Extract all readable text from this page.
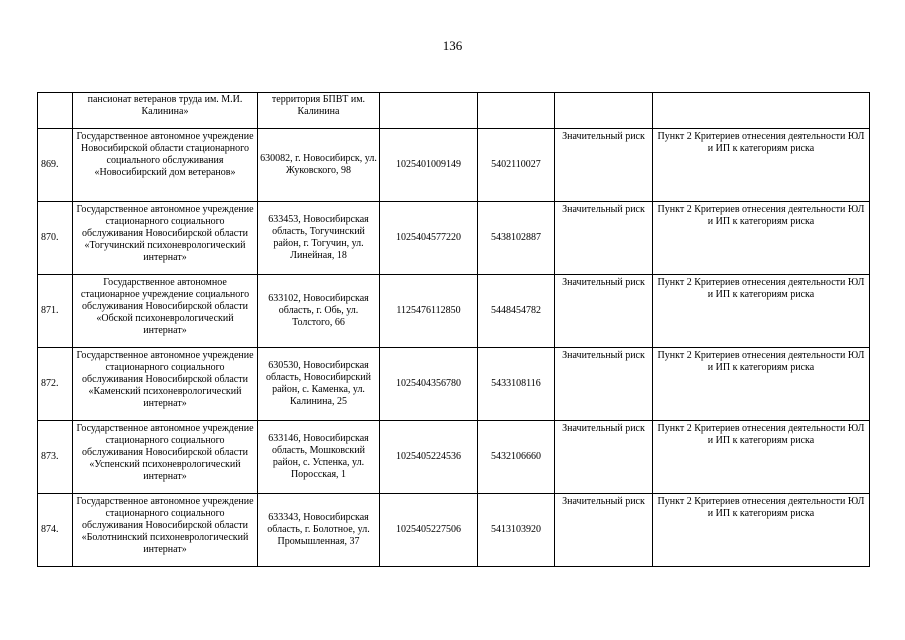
136
	пансионат ветеранов труда им. М.И. Калинина»	территория БПВТ им. Калинина				
869.	Государственное автономное учреждение Новосибирской области стационарного социального обслуживания «Новосибирский дом ветеранов»	630082, г. Новосибирск, ул. Жуковского, 98	1025401009149	5402110027	Значительный риск	Пункт 2 Критериев отнесения деятельности ЮЛ и ИП к категориям риска
870.	Государственное автономное учреждение стационарного социального обслуживания Новосибирской области «Тогучинский психоневрологический интернат»	633453, Новосибирская область, Тогучинский район, г. Тогучин, ул. Линейная, 18	1025404577220	5438102887	Значительный риск	Пункт 2 Критериев отнесения деятельности ЮЛ и ИП к категориям риска
871.	Государственное автономное стационарное учреждение социального обслуживания Новосибирской области «Обской психоневрологический интернат»	633102, Новосибирская область, г. Обь, ул. Толстого, 66	1125476112850	5448454782	Значительный риск	Пункт 2 Критериев отнесения деятельности ЮЛ и ИП к категориям риска
872.	Государственное автономное учреждение стационарного социального обслуживания Новосибирской области «Каменский психоневрологический интернат»	630530, Новосибирская область, Новосибирский район, с. Каменка, ул. Калинина, 25	1025404356780	5433108116	Значительный риск	Пункт 2 Критериев отнесения деятельности ЮЛ и ИП к категориям риска
873.	Государственное автономное учреждение стационарного социального обслуживания Новосибирской области «Успенский психоневрологический интернат»	633146, Новосибирская область, Мошковский район, с. Успенка, ул. Поросская, 1	1025405224536	5432106660	Значительный риск	Пункт 2 Критериев отнесения деятельности ЮЛ и ИП к категориям риска
874.	Государственное автономное учреждение стационарного социального обслуживания Новосибирской области «Болотнинский психоневрологический интернат»	633343, Новосибирская область, г. Болотное, ул. Промышленная, 37	1025405227506	5413103920	Значительный риск	Пункт 2 Критериев отнесения деятельности ЮЛ и ИП к категориям риска
